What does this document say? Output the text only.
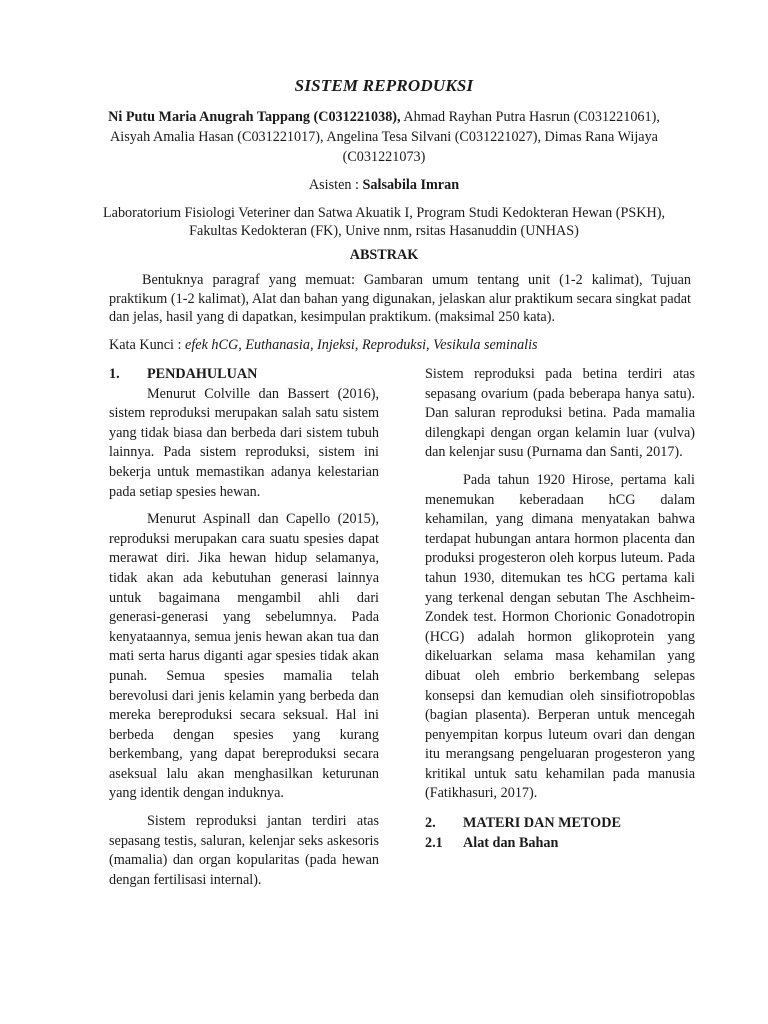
SISTEM REPRODUKSI
Ni Putu Maria Anugrah Tappang (C031221038), Ahmad Rayhan Putra Hasrun (C031221061), Aisyah Amalia Hasan (C031221017), Angelina Tesa Silvani (C031221027), Dimas Rana Wijaya (C031221073)
Asisten : Salsabila Imran
Laboratorium Fisiologi Veteriner dan Satwa Akuatik I, Program Studi Kedokteran Hewan (PSKH), Fakultas Kedokteran (FK), Unive nnm, rsitas Hasanuddin (UNHAS)
ABSTRAK
Bentuknya paragraf yang memuat: Gambaran umum tentang unit (1-2 kalimat), Tujuan praktikum (1-2 kalimat), Alat dan bahan yang digunakan, jelaskan alur praktikum secara singkat padat dan jelas, hasil yang di dapatkan, kesimpulan praktikum. (maksimal 250 kata).
Kata Kunci : efek hCG, Euthanasia, Injeksi, Reproduksi, Vesikula seminalis
1.	PENDAHULUAN

Menurut Colville dan Bassert (2016), sistem reproduksi merupakan salah satu sistem yang tidak biasa dan berbeda dari sistem tubuh lainnya. Pada sistem reproduksi, sistem ini bekerja untuk memastikan adanya kelestarian pada setiap spesies hewan.

Menurut Aspinall dan Capello (2015), reproduksi merupakan cara suatu spesies dapat merawat diri. Jika hewan hidup selamanya, tidak akan ada kebutuhan generasi lainnya untuk bagaimana mengambil ahli dari generasi-generasi yang sebelumnya. Pada kenyataannya, semua jenis hewan akan tua dan mati serta harus diganti agar spesies tidak akan punah. Semua spesies mamalia telah berevolusi dari jenis kelamin yang berbeda dan mereka bereproduksi secara seksual. Hal ini berbeda dengan spesies yang kurang berkembang, yang dapat bereproduksi secara aseksual lalu akan menghasilkan keturunan yang identik dengan induknya.

Sistem reproduksi jantan terdiri atas sepasang testis, saluran, kelenjar seks askesoris (mamalia) dan organ kopularitas (pada hewan dengan fertilisasi internal).

Sistem reproduksi pada betina terdiri atas sepasang ovarium (pada beberapa hanya satu). Dan saluran reproduksi betina. Pada mamalia dilengkapi dengan organ kelamin luar (vulva) dan kelenjar susu (Purnama dan Santi, 2017).

Pada tahun 1920 Hirose, pertama kali menemukan keberadaan hCG dalam kehamilan, yang dimana menyatakan bahwa terdapat hubungan antara hormon placenta dan produksi progesteron oleh korpus luteum. Pada tahun 1930, ditemukan tes hCG pertama kali yang terkenal dengan sebutan The Aschheim-Zondek test. Hormon Chorionic Gonadotropin (HCG) adalah hormon glikoprotein yang dikeluarkan selama masa kehamilan yang dibuat oleh embrio berkembang selepas konsepsi dan kemudian oleh sinsifiotropoblas (bagian plasenta). Berperan untuk mencegah penyempitan korpus luteum ovari dan dengan itu merangsang pengeluaran progesteron yang kritikal untuk satu kehamilan pada manusia (Fatikhasuri, 2017).

2.	MATERI DAN METODE
2.1	Alat dan Bahan
